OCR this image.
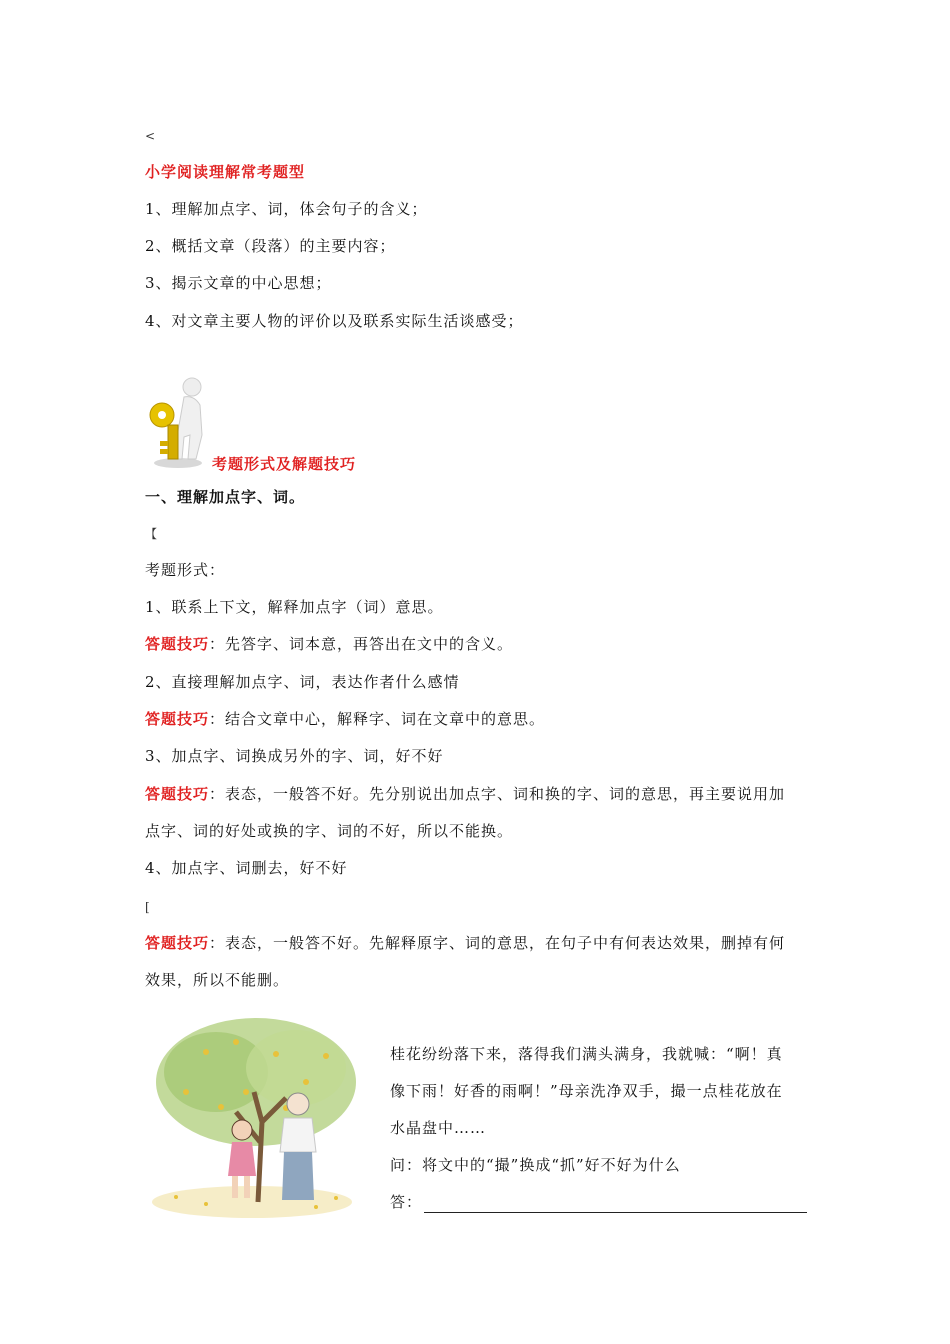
<
小学阅读理解常考题型
1、理解加点字、词，体会句子的含义；
2、概括文章（段落）的主要内容；
3、揭示文章的中心思想；
4、对文章主要人物的评价以及联系实际生活谈感受；
考题形式及解题技巧
一、理解加点字、词。
【
考题形式：
1、联系上下文，解释加点字（词）意思。
答题技巧：先答字、词本意，再答出在文中的含义。
2、直接理解加点字、词，表达作者什么感情
答题技巧：结合文章中心，解释字、词在文章中的意思。
3、加点字、词换成另外的字、词，好不好
答题技巧：表态，一般答不好。先分别说出加点字、词和换的字、词的意思，再主要说用加
点字、词的好处或换的字、词的不好，所以不能换。
4、加点字、词删去，好不好
[
答题技巧：表态，一般答不好。先解释原字、词的意思，在句子中有何表达效果，删掉有何
效果，所以不能删。
桂花纷纷落下来，落得我们满头满身，我就喊：“啊！真
像下雨！好香的雨啊！”母亲洗净双手，撮一点桂花放在
水晶盘中……
问：将文中的“撮”换成“抓”好不好为什么
答：
